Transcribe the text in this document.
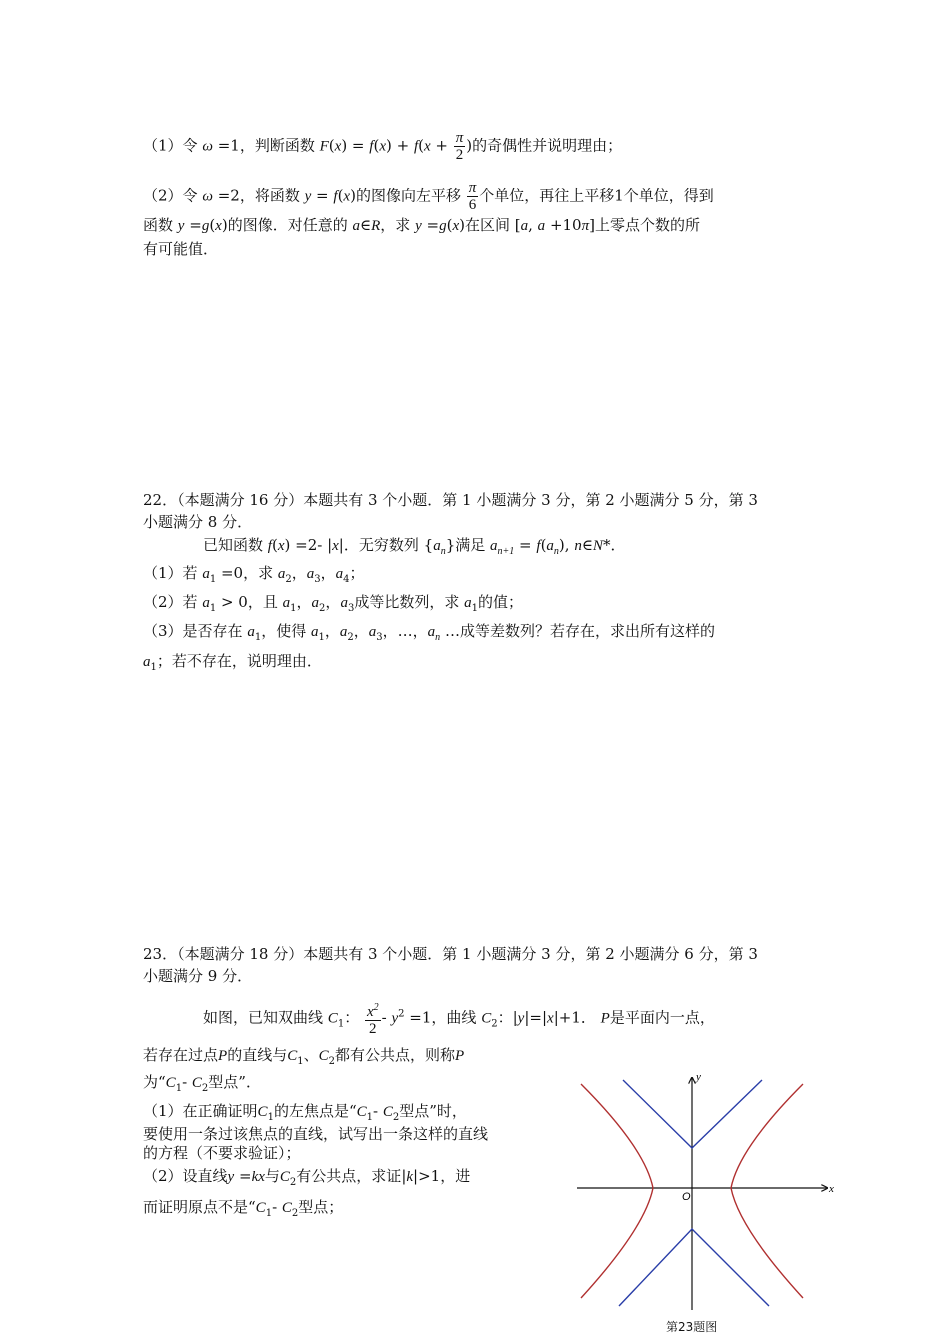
（1）令 ω =1，判断函数 $F(x) = f(x) + f(x + \frac{\pi}{2}$ )的奇偶性并说明理由；
（2）令 ω =2，将函数 y = f(x)的图像向左平移 $\frac{\pi}{6}$ 个单位，再往上平移1个单位，得到
函数 y =g(x)的图像．对任意的 a∈R，求 y =g(x)在区间 [a, a +10π]上零点个数的所
有可能值．
22．（本题满分 16 分）本题共有 3 个小题．第 1 小题满分 3 分，第 2 小题满分 5 分，第 3
小题满分 8 分．
已知函数 f(x) =2- |x|．无穷数列 $\{a_n\}$满足 $a_{n+1} = f(a_n)$, n∈N*．
（1）若 $a_1 =0$，求 $a_2$，$a_3$，$a_4$；
（2）若 $a_1 > 0$，且 $a_1$，$a_2$，$a_3$成等比数列，求 $a_1$的值；
（3）是否存在 $a_1$，使得 $a_1$，$a_2$，$a_3$，…，$a_n$ …成等差数列？若存在，求出所有这样的
$a_1$；若不存在，说明理由．
23．（本题满分 18 分）本题共有 3 个小题．第 1 小题满分 3 分，第 2 小题满分 6 分，第 3
小题满分 9 分．
如图，已知双曲线 $C_1$： $\frac{x^2}{2} - y^2 =1$，曲线 $C_2$：|y|=|x|+1． P是平面内一点，
若存在过点P的直线与$C_1$、$C_2$都有公共点，则称P
为“$C_1-$ $C_2$型点”．
（1）在正确证明$C_1$的左焦点是“$C_1-$ $C_2$型点”时，
要使用一条过该焦点的直线，试写出一条这样的直线
的方程（不要求验证）；
（2）设直线y =kx与$C_2$有公共点，求证|k|>1，进
而证明原点不是“$C_1-$ $C_2$型点；
x
y
O
第23题图
